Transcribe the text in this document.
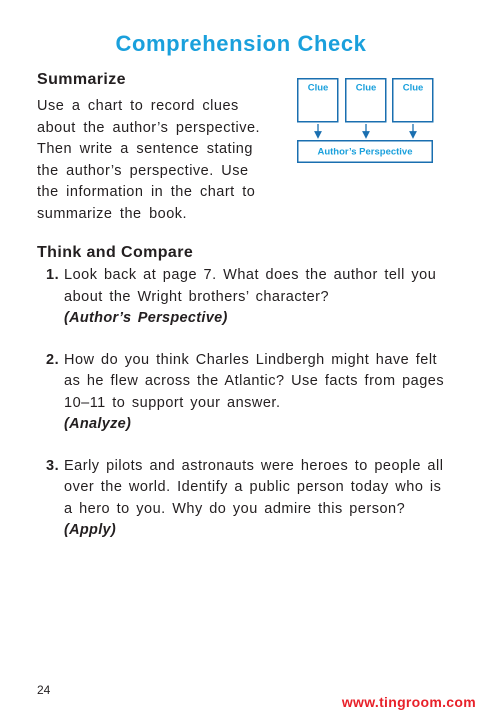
Comprehension Check
Summarize
Use a chart to record clues about the author’s perspective. Then write a sentence stating the author’s perspective. Use the information in the chart to summarize the book.
Clue	Clue	Clue
Author’s Perspective
Think and Compare
1. Look back at page 7. What does the author tell you about the Wright brothers’ character?
(Author’s Perspective)
2. How do you think Charles Lindbergh might have felt as he flew across the Atlantic? Use facts from pages 10–11 to support your answer.
(Analyze)
3. Early pilots and astronauts were heroes to people all over the world. Identify a public person today who is a hero to you. Why do you admire this person? (Apply)
24
www.tingroom.com
